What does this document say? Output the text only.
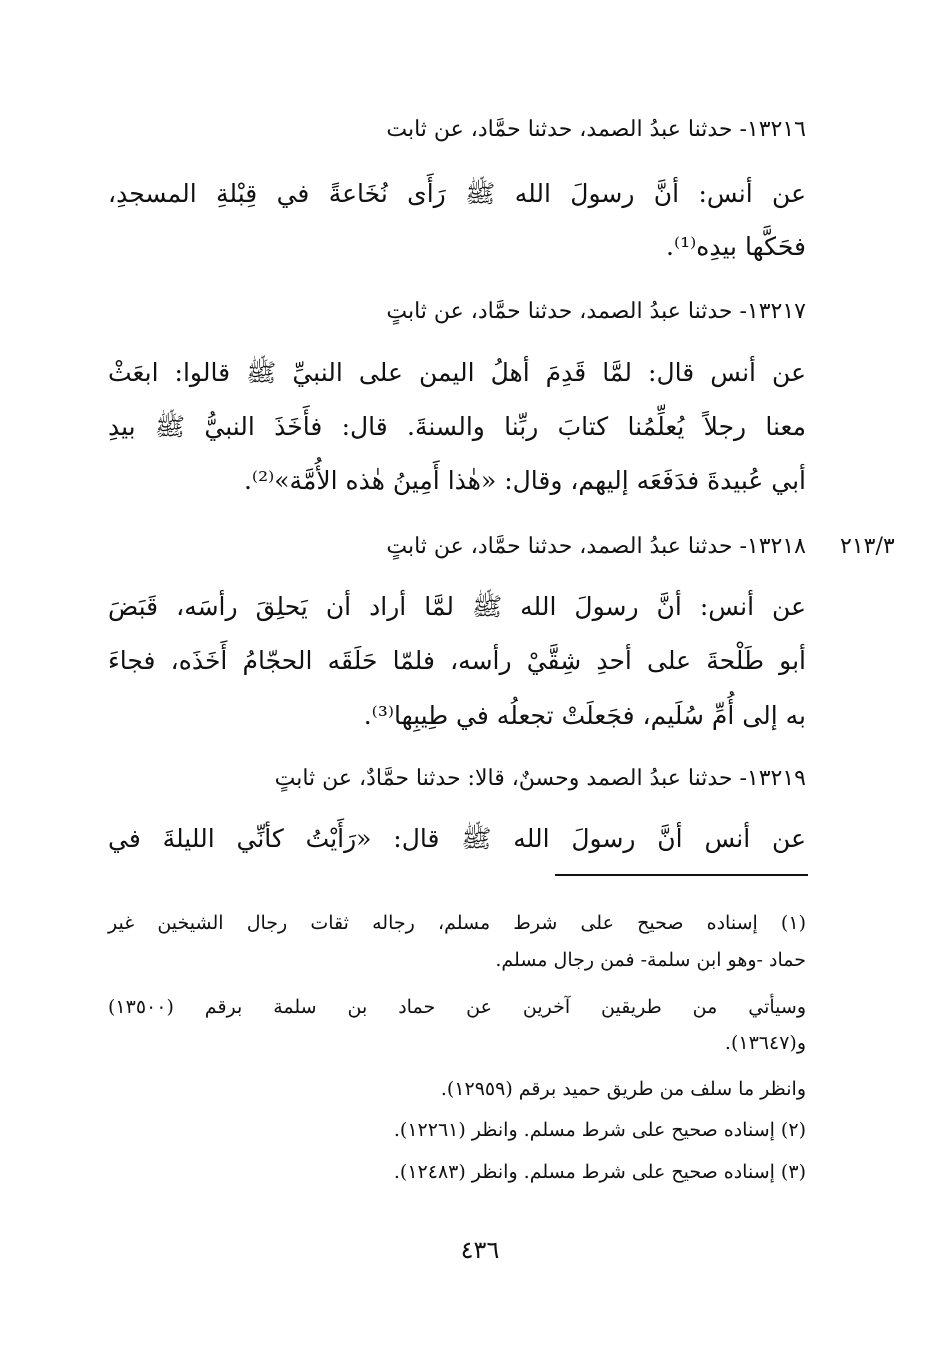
٢١٣/٣
١٣٢١٦- حدثنا عبدُ الصمد، حدثنا حمَّاد، عن ثابت
عن أنس: أنَّ رسولَ الله ﷺ رَأَى نُخَاعةً في قِبْلةِ المسجدِ،
فحَكَّها بيدِه⁽¹⁾.
١٣٢١٧- حدثنا عبدُ الصمد، حدثنا حمَّاد، عن ثابتٍ
عن أنس قال: لمَّا قَدِمَ أهلُ اليمن على النبيِّ ﷺ قالوا: ابعَثْ
معنا رجلاً يُعلِّمُنا كتابَ ربِّنا والسنةَ. قال: فأَخَذَ النبيُّ ﷺ بيدِ
أبي عُبيدةَ فدَفَعَه إليهم، وقال: «هٰذا أَمِينُ هٰذه الأُمَّة»⁽²⁾.
١٣٢١٨- حدثنا عبدُ الصمد، حدثنا حمَّاد، عن ثابتٍ
عن أنس: أنَّ رسولَ الله ﷺ لمَّا أراد أن يَحلِقَ رأسَه، قَبَضَ
أبو طَلْحةَ على أحدِ شِقَّيْ رأسه، فلمّا حَلَقَه الحجّامُ أَخَذَه، فجاءَ
به إلى أُمِّ سُلَيم، فجَعلَتْ تجعلُه في طِيبِها⁽³⁾.
١٣٢١٩- حدثنا عبدُ الصمد وحسنٌ، قالا: حدثنا حمَّادٌ، عن ثابتٍ
عن أنس أنَّ رسولَ الله ﷺ قال: «رَأَيْتُ كأنِّي الليلةَ في
(١) إسناده صحيح على شرط مسلم، رجاله ثقات رجال الشيخين غير
حماد -وهو ابن سلمة- فمن رجال مسلم.
وسيأتي من طريقين آخرين عن حماد بن سلمة برقم (١٣٥٠٠)
و(١٣٦٤٧).
وانظر ما سلف من طريق حميد برقم (١٢٩٥٩).
(٢) إسناده صحيح على شرط مسلم. وانظر (١٢٢٦١).
(٣) إسناده صحيح على شرط مسلم. وانظر (١٢٤٨٣).
٤٣٦
